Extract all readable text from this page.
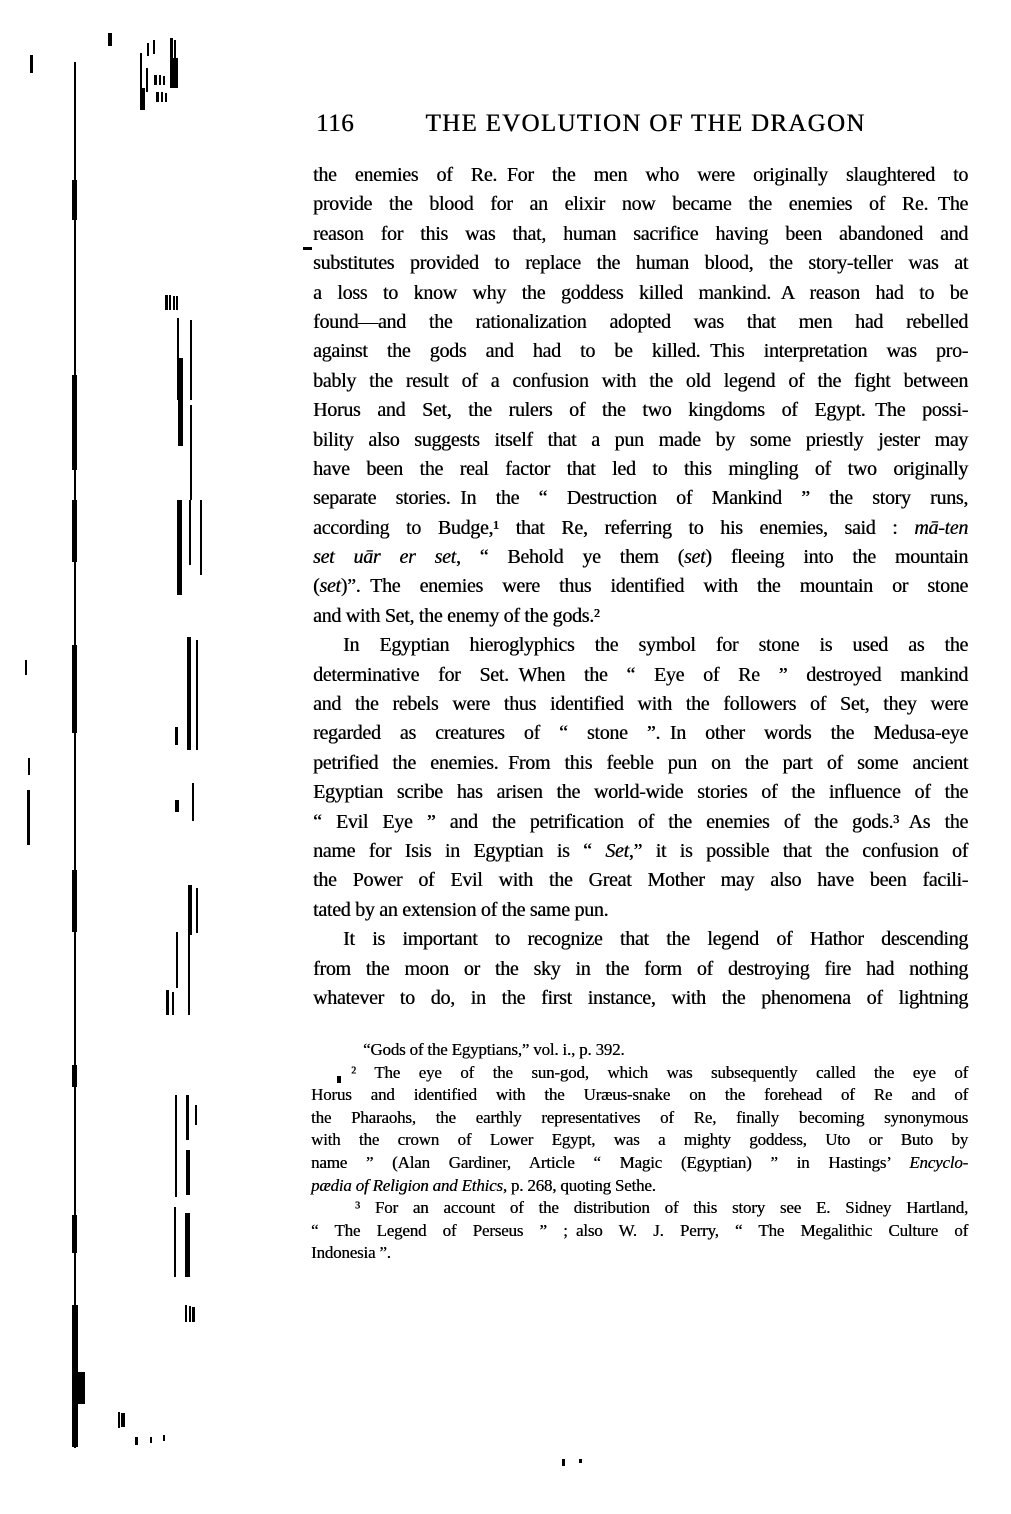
116	THE EVOLUTION OF THE DRAGON
the enemies of Re. For the men who were originally slaughtered to
provide the blood for an elixir now became the enemies of Re. The
reason for this was that, human sacrifice having been abandoned and
substitutes provided to replace the human blood, the story-teller was at
a loss to know why the goddess killed mankind. A reason had to be
found—and the rationalization adopted was that men had rebelled
against the gods and had to be killed. This interpretation was pro-
bably the result of a confusion with the old legend of the fight between
Horus and Set, the rulers of the two kingdoms of Egypt. The possi-
bility also suggests itself that a pun made by some priestly jester may
have been the real factor that led to this mingling of two originally
separate stories. In the “ Destruction of Mankind ” the story runs,
according to Budge,¹ that Re, referring to his enemies, said : mā-ten
set uār er set, “ Behold ye them (set) fleeing into the mountain
(set)”. The enemies were thus identified with the mountain or stone
and with Set, the enemy of the gods.²
In Egyptian hieroglyphics the symbol for stone is used as the
determinative for Set. When the “ Eye of Re ” destroyed mankind
and the rebels were thus identified with the followers of Set, they were
regarded as creatures of “ stone ”. In other words the Medusa-eye
petrified the enemies. From this feeble pun on the part of some ancient
Egyptian scribe has arisen the world-wide stories of the influence of the
“ Evil Eye ” and the petrification of the enemies of the gods.³ As the
name for Isis in Egyptian is “ Set,” it is possible that the confusion of
the Power of Evil with the Great Mother may also have been facili-
tated by an extension of the same pun.
It is important to recognize that the legend of Hathor descending
from the moon or the sky in the form of destroying fire had nothing
whatever to do, in the first instance, with the phenomena of lightning
“Gods of the Egyptians,” vol. i., p. 392.
² The eye of the sun-god, which was subsequently called the eye of
Horus and identified with the Uræus-snake on the forehead of Re and of
the Pharaohs, the earthly representatives of Re, finally becoming synonymous
with the crown of Lower Egypt, was a mighty goddess, Uto or Buto by
name ” (Alan Gardiner, Article “ Magic (Egyptian) ” in Hastings’ Encyclo-
pædia of Religion and Ethics, p. 268, quoting Sethe.
³ For an account of the distribution of this story see E. Sidney Hartland,
“ The Legend of Perseus ” ; also W. J. Perry, “ The Megalithic Culture of
Indonesia ”.
